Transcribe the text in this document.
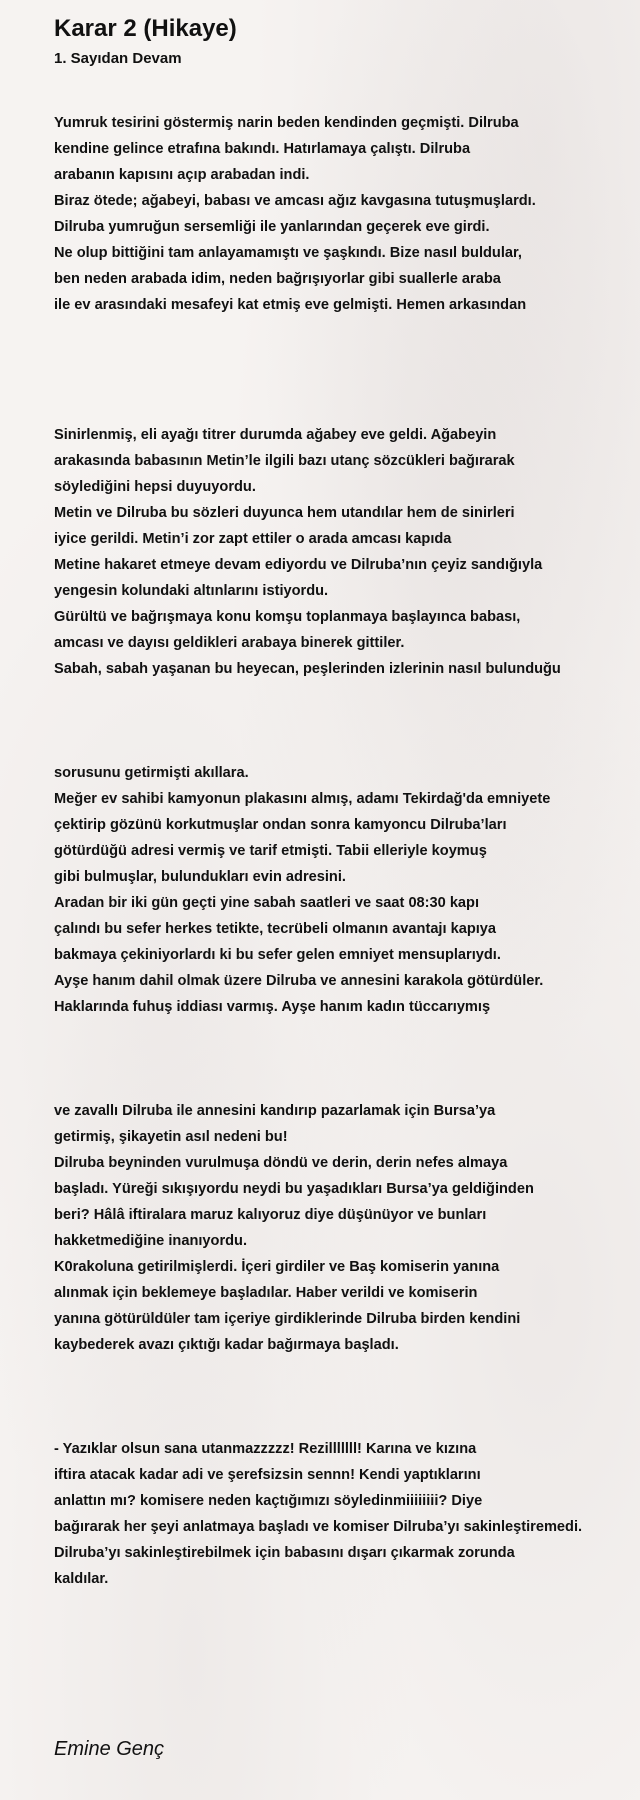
Karar 2 (Hikaye)
1. Sayıdan Devam
Yumruk tesirini göstermiş narin beden kendinden geçmişti. Dilruba
kendine gelince etrafına bakındı. Hatırlamaya çalıştı. Dilruba
arabanın kapısını açıp arabadan indi.
Biraz ötede; ağabeyi, babası ve amcası ağız kavgasına tutuşmuşlardı.
Dilruba yumruğun sersemliği ile yanlarından geçerek eve girdi.
Ne olup bittiğini tam anlayamamıştı ve şaşkındı. Bize nasıl buldular,
ben neden arabada idim, neden bağrışıyorlar gibi suallerle araba
ile ev arasındaki mesafeyi kat etmiş eve gelmişti. Hemen arkasından
Sinirlenmiş, eli ayağı titrer durumda ağabey eve geldi. Ağabeyin
arakasında babasının Metin’le ilgili bazı utanç sözcükleri bağırarak
söylediğini hepsi duyuyordu.
Metin ve Dilruba bu sözleri duyunca hem utandılar hem de sinirleri
iyice gerildi. Metin’i zor zapt ettiler o arada amcası kapıda
Metine hakaret etmeye devam ediyordu ve Dilruba’nın çeyiz sandığıyla
yengesin kolundaki altınlarını istiyordu.
Gürültü ve bağrışmaya konu komşu toplanmaya başlayınca babası,
amcası ve dayısı geldikleri arabaya binerek gittiler.
Sabah, sabah yaşanan bu heyecan, peşlerinden izlerinin nasıl bulunduğu
sorusunu getirmişti akıllara.
Meğer ev sahibi kamyonun plakasını almış, adamı Tekirdağ'da emniyete
çektirip gözünü korkutmuşlar ondan sonra kamyoncu Dilruba’ları
götürdüğü adresi vermiş ve tarif etmişti. Tabii elleriyle koymuş
gibi bulmuşlar, bulundukları evin adresini.
Aradan bir iki gün geçti yine sabah saatleri ve saat 08:30 kapı
çalındı bu sefer herkes tetikte, tecrübeli olmanın avantajı kapıya
bakmaya çekiniyorlardı ki bu sefer gelen emniyet mensuplarıydı.
Ayşe hanım dahil olmak üzere Dilruba ve annesini karakola götürdüler.
Haklarında fuhuş iddiası varmış. Ayşe hanım kadın tüccarıymış
ve zavallı Dilruba ile annesini kandırıp pazarlamak için Bursa’ya
getirmiş, şikayetin asıl nedeni bu!
Dilruba beyninden vurulmuşa döndü ve derin, derin nefes almaya
başladı. Yüreği sıkışıyordu neydi bu yaşadıkları Bursa’ya geldiğinden
beri? Hâlâ iftiralara maruz kalıyoruz diye düşünüyor ve bunları
hakketmediğine inanıyordu.
K0rakoluna getirilmişlerdi. İçeri girdiler ve Baş komiserin yanına
alınmak için beklemeye başladılar. Haber verildi ve komiserin
yanına götürüldüler tam içeriye girdiklerinde Dilruba birden kendini
kaybederek avazı çıktığı kadar bağırmaya başladı.
- Yazıklar olsun sana utanmazzzzz! Rezilllllll! Karına ve kızına
iftira atacak kadar adi ve şerefsizsin sennn! Kendi yaptıklarını
anlattın mı? komisere neden kaçtığımızı söyledinmiiiiiiii? Diye
bağırarak her şeyi anlatmaya başladı ve komiser Dilruba’yı sakinleştiremedi.
Dilruba’yı sakinleştirebilmek için babasını dışarı çıkarmak zorunda
kaldılar.
Emine Genç
